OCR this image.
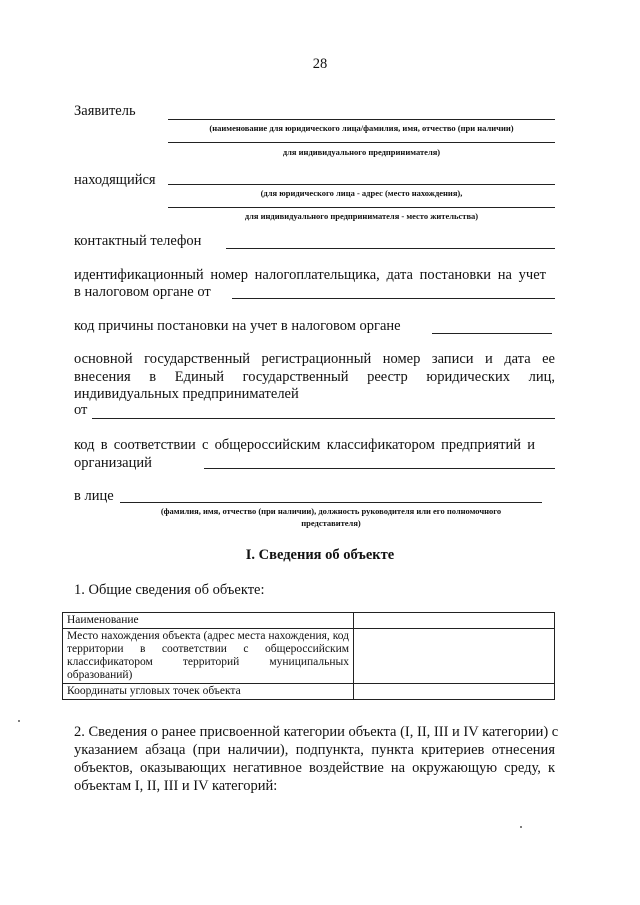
28
Заявитель
(наименование для юридического лица/фамилия, имя, отчество (при наличии)
для индивидуального предпринимателя)
находящийся
(для юридического лица - адрес (место нахождения),
для индивидуального предпринимателя - место жительства)
контактный телефон
идентификационный номер налогоплательщика, дата постановки на учет
в налоговом органе от
код причины постановки на учет в налоговом органе
основной государственный регистрационный номер записи и дата ее
внесения в Единый государственный реестр юридических лиц,
индивидуальных предпринимателей
от
код в соответствии с общероссийским классификатором предприятий и
организаций
в лице
(фамилия, имя, отчество (при наличии), должность руководителя или его полномочного
представителя)
I. Сведения об объекте
1. Общие сведения об объекте:
Наименование	
Место нахождения объекта (адрес места нахождения, код территории в соответствии с общероссийским классификатором территорий муниципальных образований)	
Координаты угловых точек объекта	
2. Сведения о ранее присвоенной категории объекта (I, II, III и IV категории) с
указанием абзаца (при наличии), подпункта, пункта критериев отнесения
объектов, оказывающих негативное воздействие на окружающую среду, к
объектам I, II, III и IV категорий:
